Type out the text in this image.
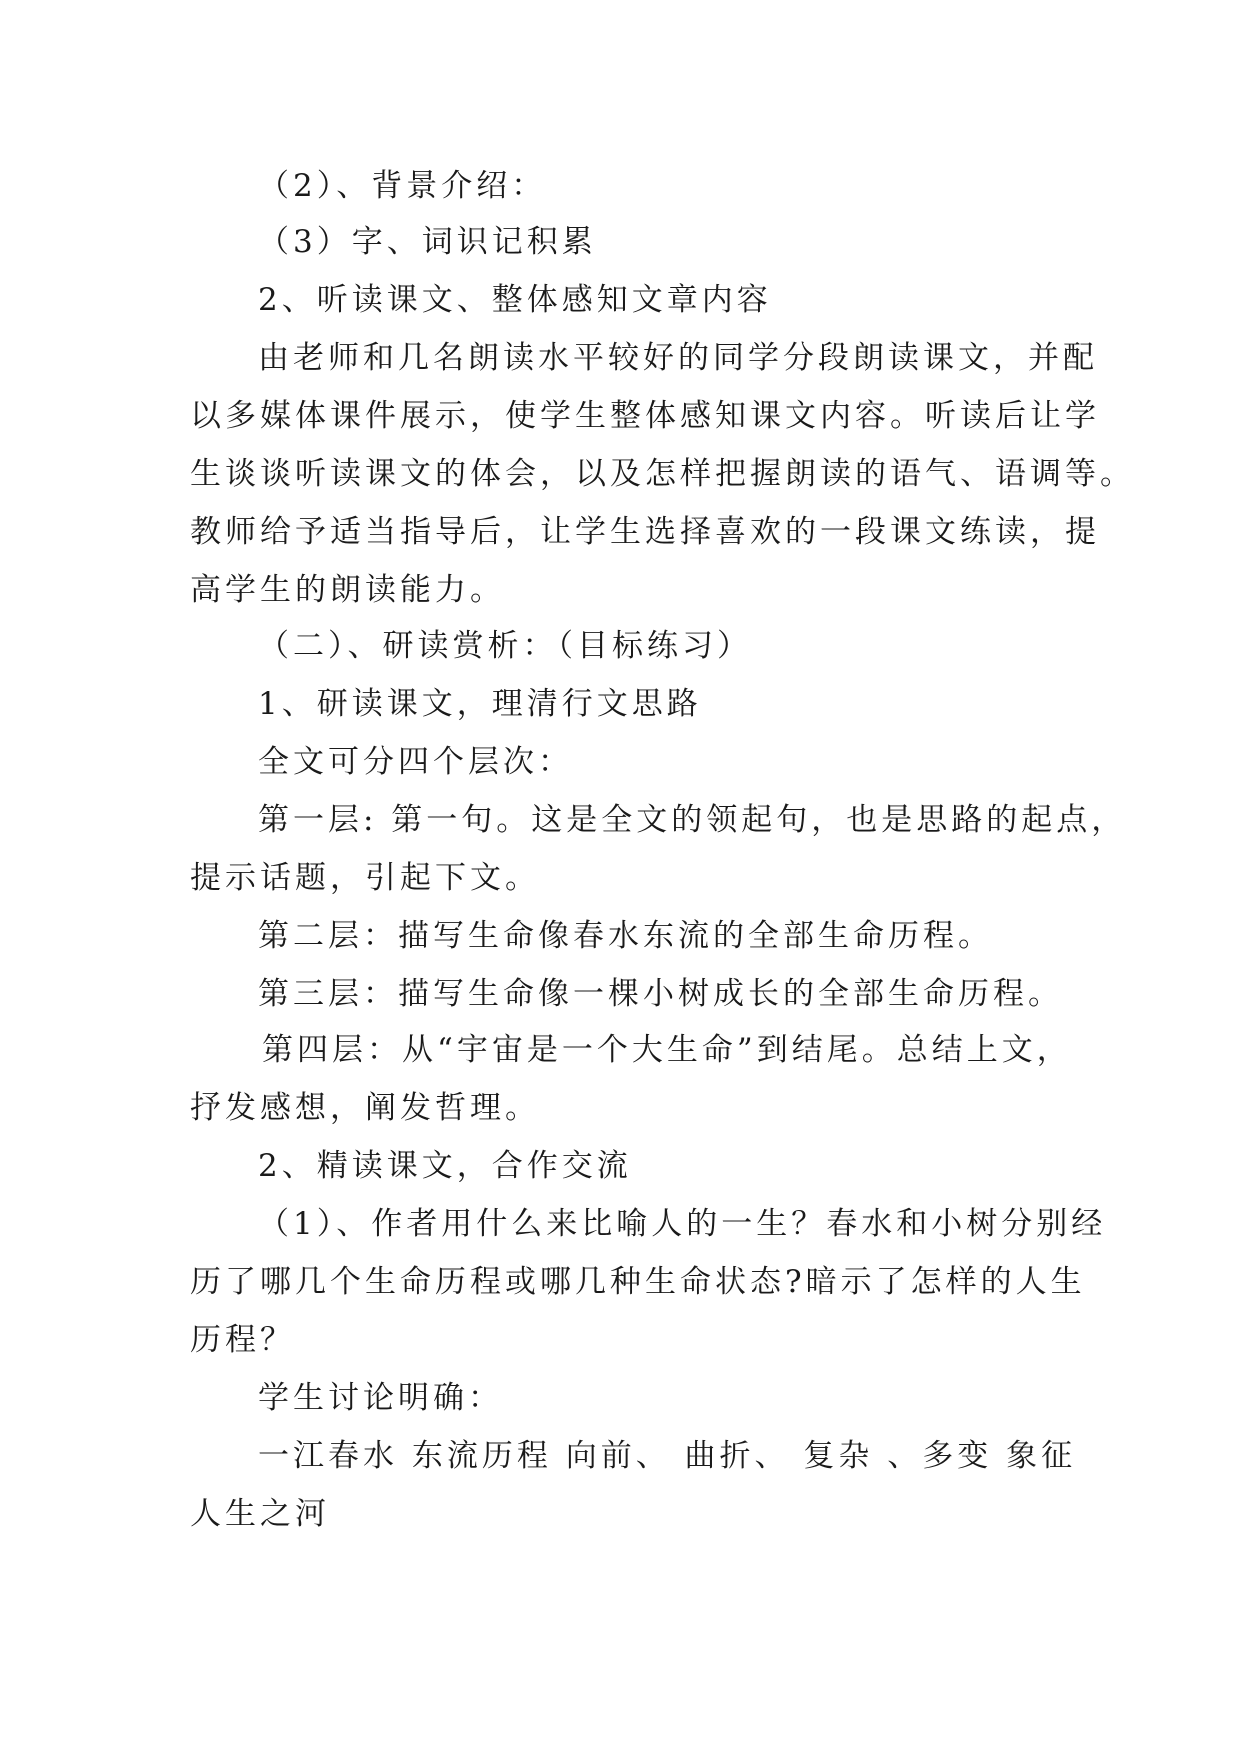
（2）、背景介绍：
（3）字、词识记积累
2、听读课文、整体感知文章内容
由老师和几名朗读水平较好的同学分段朗读课文，并配
以多媒体课件展示，使学生整体感知课文内容。听读后让学
生谈谈听读课文的体会，以及怎样把握朗读的语气、语调等。
教师给予适当指导后，让学生选择喜欢的一段课文练读，提
高学生的朗读能力。
（二）、研读赏析：（目标练习）
1、研读课文，理清行文思路
全文可分四个层次：
第一层: 第一句。这是全文的领起句，也是思路的起点，
提示话题，引起下文。
第二层：描写生命像春水东流的全部生命历程。
第三层：描写生命像一棵小树成长的全部生命历程。
第四层：从“宇宙是一个大生命”到结尾。总结上文，
抒发感想，阐发哲理。
2、精读课文，合作交流
（1）、作者用什么来比喻人的一生？春水和小树分别经
历了哪几个生命历程或哪几种生命状态?暗示了怎样的人生
历程？
学生讨论明确：
一江春水 东流历程 向前、 曲折、 复杂 、多变 象征
人生之河
